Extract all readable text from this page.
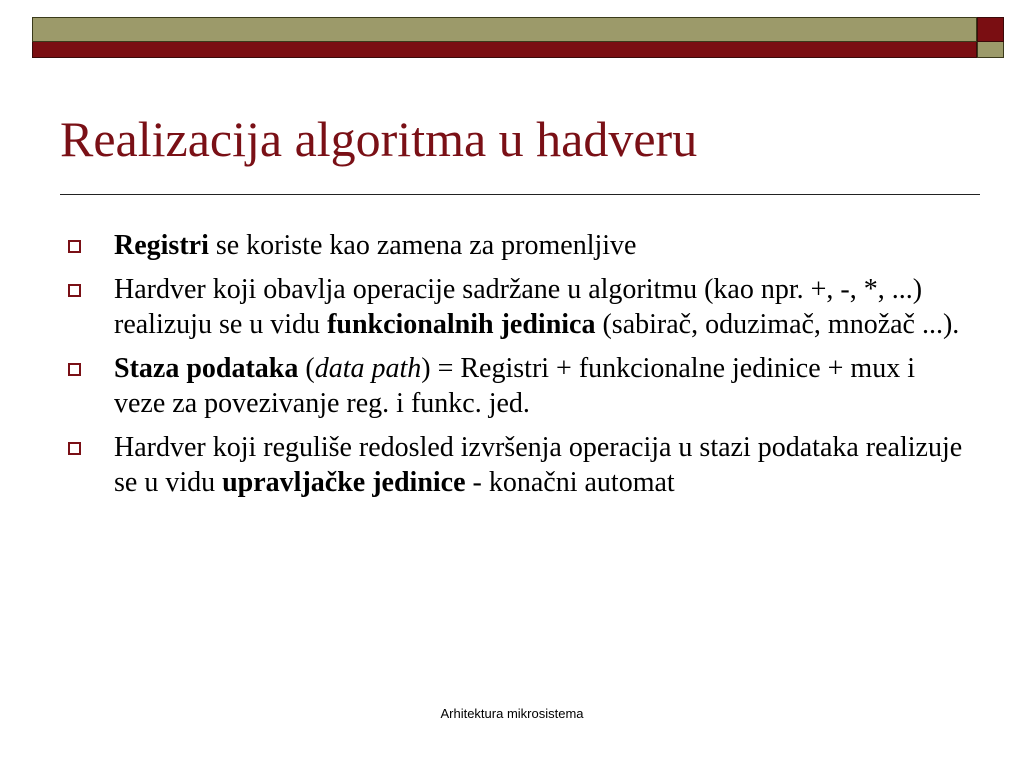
Realizacija algoritma u hadveru
Registri se koriste kao zamena za promenljive
Hardver koji obavlja operacije sadržane u algoritmu (kao npr. +, -, *, ...) realizuju se u vidu funkcionalnih jedinica (sabirač, oduzimač, množač ...).
Staza podataka (data path) = Registri + funkcionalne jedinice + mux i veze za povezivanje reg. i funkc. jed.
Hardver koji reguliše redosled izvršenja operacija u stazi podataka realizuje se u vidu upravljačke jedinice - konačni automat
Arhitektura mikrosistema
